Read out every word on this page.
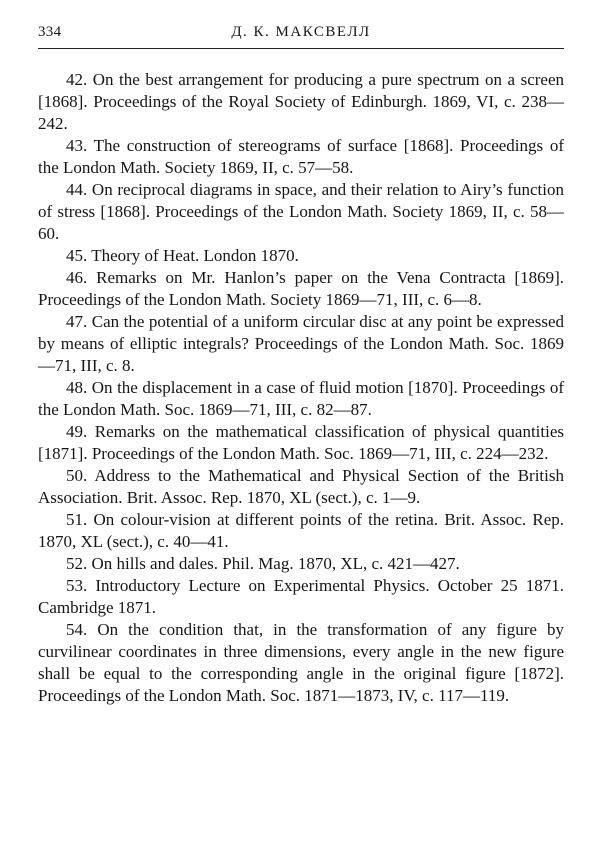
334	Д. К. МАКСВЕЛЛ

42. On the best arrangement for producing a pure spectrum on a screen [1868]. Proceedings of the Royal Society of Edinburgh. 1869, VI, c. 238—242.

43. The construction of stereograms of surface [1868]. Proceedings of the London Math. Society 1869, II, c. 57—58.

44. On reciprocal diagrams in space, and their relation to Airy’s function of stress [1868]. Proceedings of the London Math. Society 1869, II, c. 58—60.

45. Theory of Heat. London 1870.

46. Remarks on Mr. Hanlon’s paper on the Vena Contracta [1869]. Proceedings of the London Math. Society 1869—71, III, c. 6—8.

47. Can the potential of a uniform circular disc at any point be expressed by means of elliptic integrals? Proceedings of the London Math. Soc. 1869—71, III, c. 8.

48. On the displacement in a case of fluid motion [1870]. Proceedings of the London Math. Soc. 1869—71, III, c. 82—87.

49. Remarks on the mathematical classification of physical quantities [1871]. Proceedings of the London Math. Soc. 1869—71, III, c. 224—232.

50. Address to the Mathematical and Physical Section of the British Association. Brit. Assoc. Rep. 1870, XL (sect.), c. 1—9.

51. On colour-vision at different points of the retina. Brit. Assoc. Rep. 1870, XL (sect.), c. 40—41.

52. On hills and dales. Phil. Mag. 1870, XL, c. 421—427.

53. Introductory Lecture on Experimental Physics. October 25 1871. Cambridge 1871.

54. On the condition that, in the transformation of any figure by curvilinear coordinates in three dimensions, every angle in the new figure shall be equal to the corresponding angle in the original figure [1872]. Proceedings of the London Math. Soc. 1871—1873, IV, c. 117—119.
